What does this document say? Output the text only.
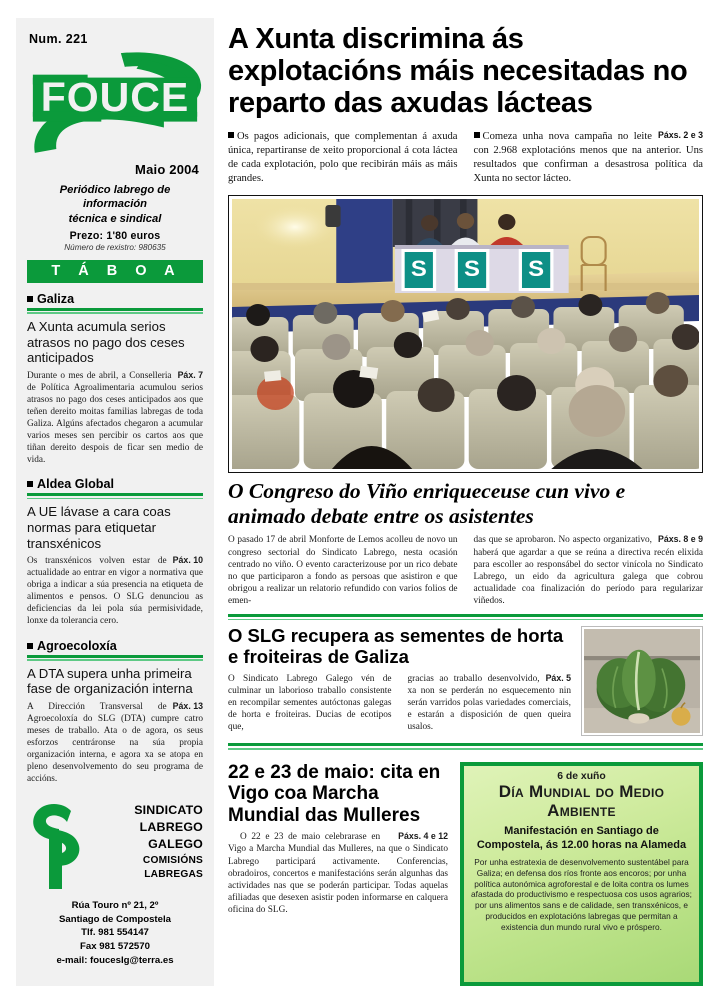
Num. 221
FOUCE
Maio 2004
Periódico labrego de información
técnica e sindical
Prezo: 1'80 euros
Número de rexistro: 980635
T Á B O A
Galiza
A Xunta acumula serios atrasos no pago dos ceses anticipados
Páx. 7
Durante o mes de abril, a Conselleria de Política Agroalimentaria acumulou serios atrasos no pago dos ceses anticipados aos que teñen dereito moitas familias labregas de toda Galiza. Algúns afectados chegaron a acumular varios meses sen percibir os cartos aos que tiñan dereito despois de ficar sen medio de vida.
Aldea Global
A UE lávase a cara coas normas para etiquetar transxénicos
Páx. 10
Os transxénicos volven estar de actualidade ao entrar en vigor a normativa que obriga a indicar a súa presencia na etiqueta de alimentos e pensos. O SLG denunciou as deficiencias da lei pola súa permisividade, lonxe da tolerancia cero.
Agroecoloxía
A DTA supera unha primeira fase de organización interna
Páx. 13
A Dirección Transversal de Agroecoloxía do SLG (DTA) cumpre catro meses de traballo. Ata o de agora, os seus esforzos centráronse na súa propia organización interna, e agora xa se atopa en pleno desenvolvemento do seu programa de accións.
SINDICATO
LABREGO
GALEGO
COMISIÓNS
LABREGAS
Rúa Touro nº 21, 2º
Santiago de Compostela
Tlf. 981 554147
Fax 981 572570
e-mail: foucesIg@terra.es
A Xunta discrimina ás explotacións máis necesitadas no reparto das axudas lácteas
Os pagos adicionais, que complementan á axuda única, repartiranse de xeito proporcional á cota láctea de cada explotación, polo que recibirán máis as máis grandes.
Páxs. 2 e 3
Comeza unha nova campaña no leite con 2.968 explotacións menos que na anterior. Uns resultados que confirman a desastrosa política da Xunta no sector lácteo.
S S S
O Congreso do Viño enriqueceuse cun vivo e animado debate entre os asistentes
O pasado 17 de abril Monforte de Lemos acolleu de novo un congreso sectorial do Sindicato Labrego, nesta ocasión centrado no viño. O evento caracterizouse por un rico debate no que participaron a fondo as persoas que asistiron e que obrigou a realizar un relatorio refundido con varios folios de emen-
Páxs. 8 e 9
das que se aprobaron. No aspecto organizativo, haberá que agardar a que se reúna a directiva recén elixida para escoller ao responsábel do sector vinícola no Sindicato Labrego, un eido da agricultura galega que cobrou actualidade coa finalización do período para regularizar viñedos.
O SLG recupera as sementes de horta e froiteiras de Galiza
O Sindicato Labrego Galego vén de culminar un laborioso traballo consistente en recompilar sementes autóctonas galegas de horta e froiteiras. Ducias de ecotipos que,
Páx. 5
gracias ao traballo desenvolvido, xa non se perderán no esquecemento nin serán varridos polas variedades comerciais, e estarán a disposición de quen queira usalos.
22 e 23 de maio: cita en Vigo coa Marcha Mundial das Mulleres
Páxs. 4 e 12
O 22 e 23 de maio celebrarase en Vigo a Marcha Mundial das Mulleres, na que o Sindicato Labrego participará activamente. Conferencias, obradoiros, concertos e manifestacións serán algunhas das actividades nas que se poderán participar. Todas aquelas afiliadas que desexen asistir poden informarse en calquera oficina do SLG.
6 de xuño
Día Mundial do Medio Ambiente
Manifestación en Santiago de Compostela, ás 12.00 horas na Alameda
Por unha estratexia de desenvolvemento sustentábel para Galiza; en defensa dos ríos fronte aos encoros; por unha política autonómica agroforestal e de loita contra os lumes afastada do productivismo e respectuosa cos usos agrarios; por uns alimentos sans e de calidade, sen transxénicos, e producidos en explotacións labregas que permitan a existencia dun mundo rural vivo e próspero.
